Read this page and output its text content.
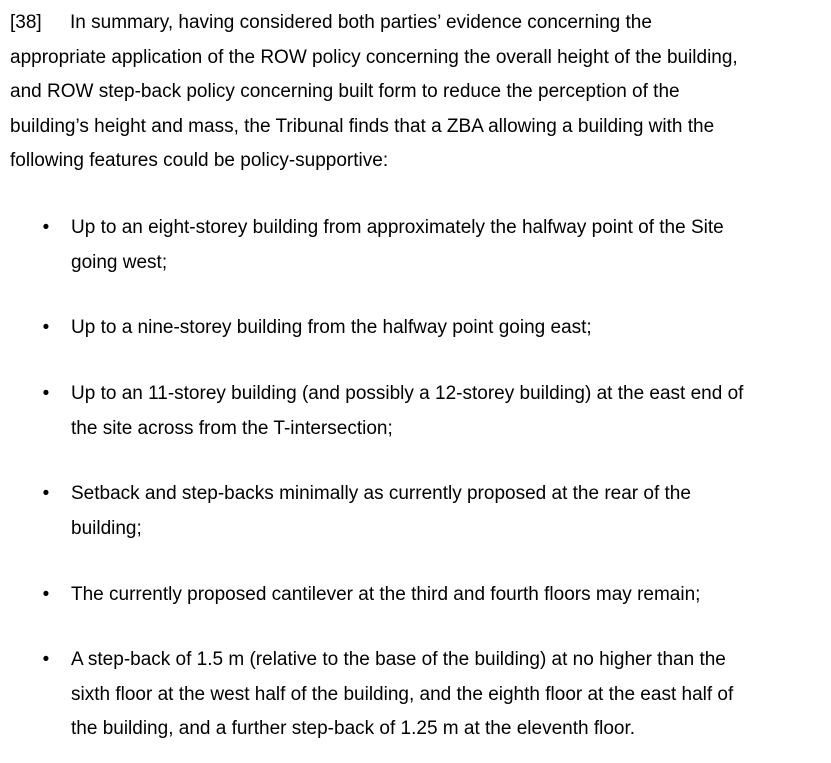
[38] In summary, having considered both parties’ evidence concerning the
appropriate application of the ROW policy concerning the overall height of the building,
and ROW step-back policy concerning built form to reduce the perception of the
building’s height and mass, the Tribunal finds that a ZBA allowing a building with the
following features could be policy-supportive:
• Up to an eight-storey building from approximately the halfway point of the Site
going west;
• Up to a nine-storey building from the halfway point going east;
• Up to an 11-storey building (and possibly a 12-storey building) at the east end of
the site across from the T-intersection;
• Setback and step-backs minimally as currently proposed at the rear of the
building;
• The currently proposed cantilever at the third and fourth floors may remain;
• A step-back of 1.5 m (relative to the base of the building) at no higher than the
sixth floor at the west half of the building, and the eighth floor at the east half of
the building, and a further step-back of 1.25 m at the eleventh floor.
